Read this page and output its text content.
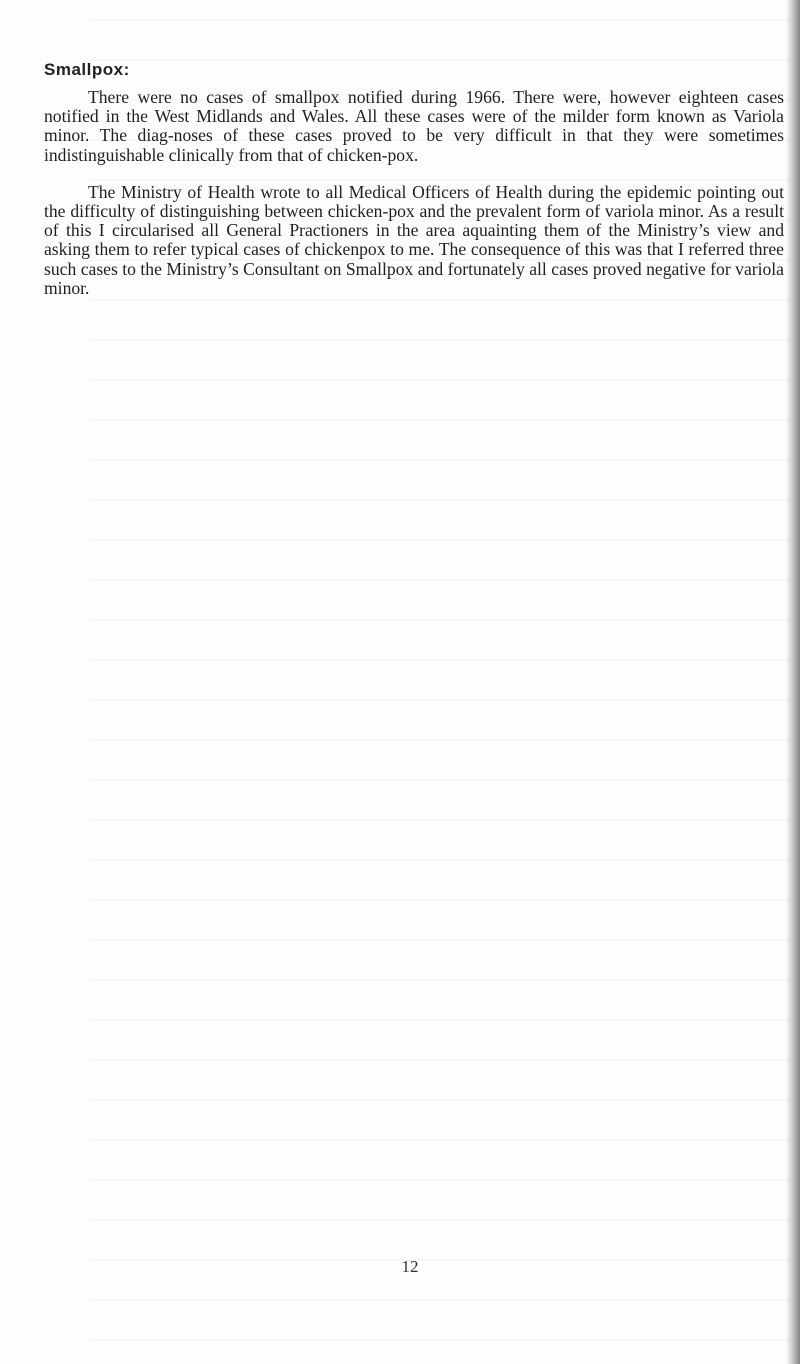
Smallpox:

There were no cases of smallpox notified during 1966. There were, however eighteen cases notified in the West Midlands and Wales. All these cases were of the milder form known as Variola minor. The diag-noses of these cases proved to be very difficult in that they were sometimes indistinguishable clinically from that of chicken-pox.

The Ministry of Health wrote to all Medical Officers of Health during the epidemic pointing out the difficulty of distinguishing between chicken-pox and the prevalent form of variola minor. As a result of this I circularised all General Practioners in the area aquainting them of the Ministry’s view and asking them to refer typical cases of chickenpox to me. The consequence of this was that I referred three such cases to the Ministry’s Consultant on Smallpox and fortunately all cases proved negative for variola minor.

12
